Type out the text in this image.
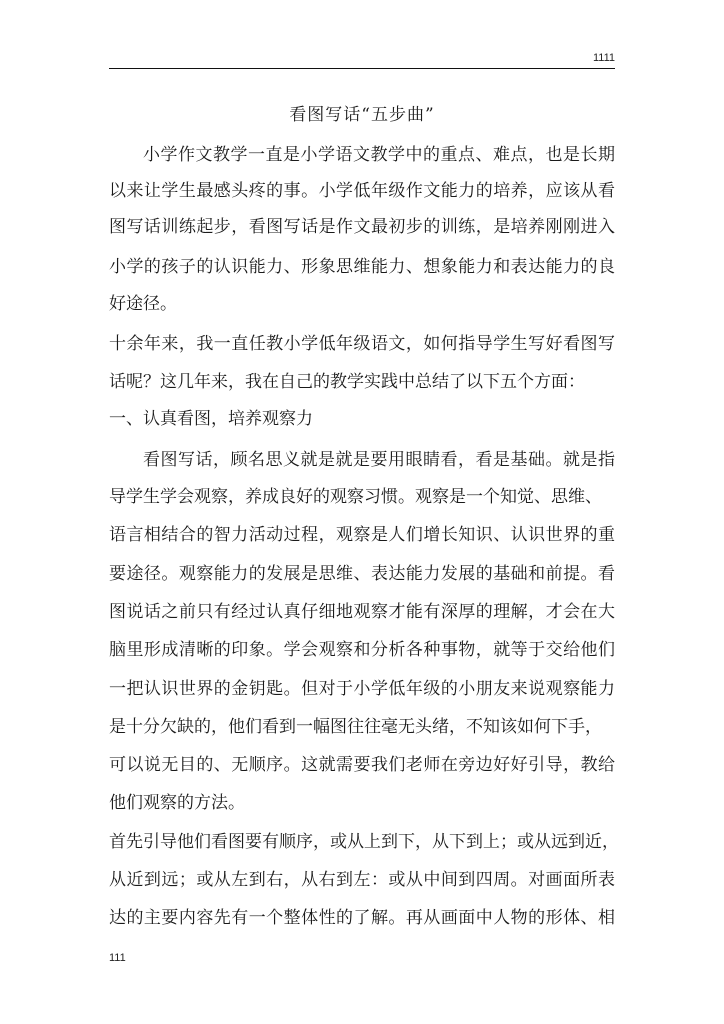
1111
看图写话“五步曲”
小学作文教学一直是小学语文教学中的重点、难点，也是长期
以来让学生最感头疼的事。小学低年级作文能力的培养，应该从看
图写话训练起步，看图写话是作文最初步的训练，是培养刚刚进入
小学的孩子的认识能力、形象思维能力、想象能力和表达能力的良
好途径。
十余年来，我一直任教小学低年级语文，如何指导学生写好看图写
话呢？这几年来，我在自己的教学实践中总结了以下五个方面：
一、认真看图，培养观察力
看图写话，顾名思义就是就是要用眼睛看，看是基础。就是指
导学生学会观察，养成良好的观察习惯。观察是一个知觉、思维、
语言相结合的智力活动过程，观察是人们增长知识、认识世界的重
要途径。观察能力的发展是思维、表达能力发展的基础和前提。看
图说话之前只有经过认真仔细地观察才能有深厚的理解，才会在大
脑里形成清晰的印象。学会观察和分析各种事物，就等于交给他们
一把认识世界的金钥匙。但对于小学低年级的小朋友来说观察能力
是十分欠缺的，他们看到一幅图往往毫无头绪，不知该如何下手，
可以说无目的、无顺序。这就需要我们老师在旁边好好引导，教给
他们观察的方法。
首先引导他们看图要有顺序，或从上到下，从下到上；或从远到近，
从近到远；或从左到右，从右到左：或从中间到四周。对画面所表
达的主要内容先有一个整体性的了解。再从画面中人物的形体、相
111
